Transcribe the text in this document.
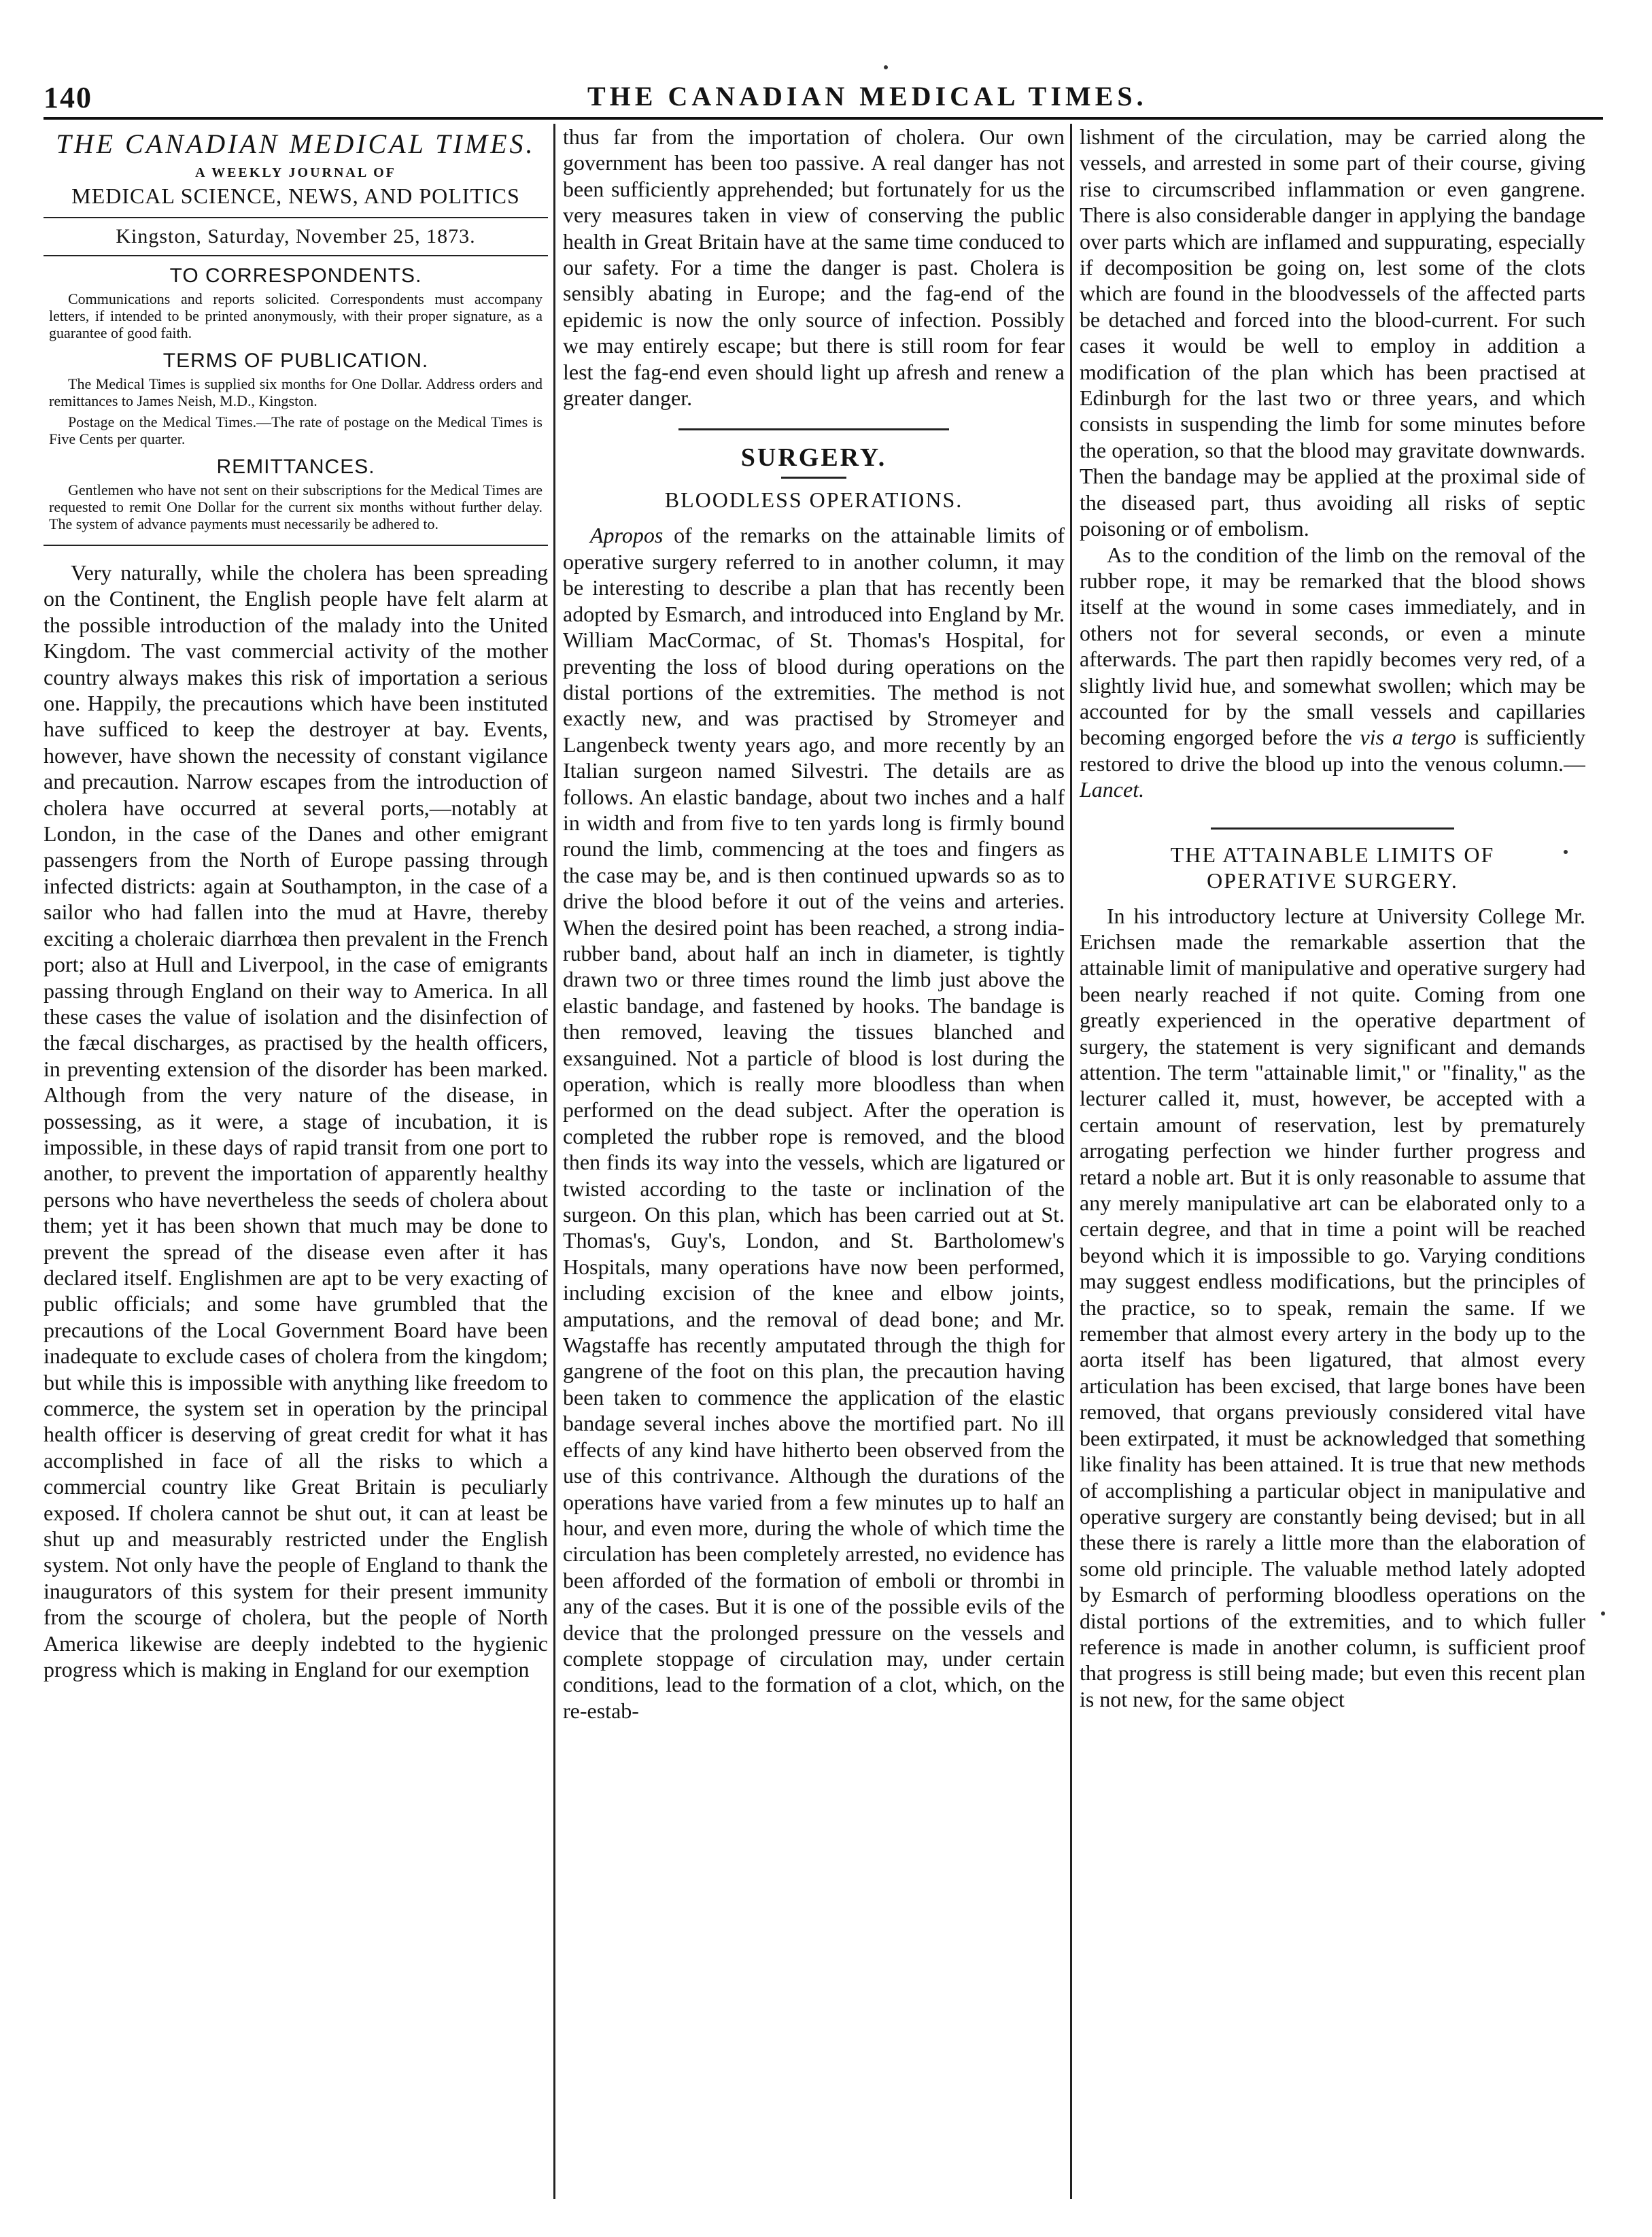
140	THE CANADIAN MEDICAL TIMES.
THE CANADIAN MEDICAL TIMES.
A WEEKLY JOURNAL OF
MEDICAL SCIENCE, NEWS, AND POLITICS
Kingston, Saturday, November 25, 1873.
TO CORRESPONDENTS.

Communications and reports solicited. Correspondents must accompany letters, if intended to be printed anonymously, with their proper signature, as a guarantee of good faith.

TERMS OF PUBLICATION.

The Medical Times is supplied six months for One Dollar. Address orders and remittances to James Neish, M.D., Kingston.

Postage on the Medical Times.—The rate of postage on the Medical Times is Five Cents per quarter.

REMITTANCES.

Gentlemen who have not sent on their subscriptions for the Medical Times are requested to remit One Dollar for the current six months without further delay. The system of advance payments must necessarily be adhered to.

Very naturally, while the cholera has been spreading on the Continent, the English people have felt alarm at the possible introduction of the malady into the United Kingdom. The vast commercial activity of the mother country always makes this risk of importation a serious one. Happily, the precautions which have been instituted have sufficed to keep the destroyer at bay. Events, however, have shown the necessity of constant vigilance and precaution. Narrow escapes from the introduction of cholera have occurred at several ports,—notably at London, in the case of the Danes and other emigrant passengers from the North of Europe passing through infected districts: again at Southampton, in the case of a sailor who had fallen into the mud at Havre, thereby exciting a choleraic diarrhœa then prevalent in the French port; also at Hull and Liverpool, in the case of emigrants passing through England on their way to America. In all these cases the value of isolation and the disinfection of the fæcal discharges, as practised by the health officers, in preventing extension of the disorder has been marked. Although from the very nature of the disease, in possessing, as it were, a stage of incubation, it is impossible, in these days of rapid transit from one port to another, to prevent the importation of apparently healthy persons who have nevertheless the seeds of cholera about them; yet it has been shown that much may be done to prevent the spread of the disease even after it has declared itself. Englishmen are apt to be very exacting of public officials; and some have grumbled that the precautions of the Local Government Board have been inadequate to exclude cases of cholera from the kingdom; but while this is impossible with anything like freedom to commerce, the system set in operation by the principal health officer is deserving of great credit for what it has accomplished in face of all the risks to which a commercial country like Great Britain is peculiarly exposed. If cholera cannot be shut out, it can at least be shut up and measurably restricted under the English system. Not only have the people of England to thank the inaugurators of this system for their present immunity from the scourge of cholera, but the people of North America likewise are deeply indebted to the hygienic progress which is making in England for our exemption

thus far from the importation of cholera. Our own government has been too passive. A real danger has not been sufficiently apprehended; but fortunately for us the very measures taken in view of conserving the public health in Great Britain have at the same time conduced to our safety. For a time the danger is past. Cholera is sensibly abating in Europe; and the fag-end of the epidemic is now the only source of infection. Possibly we may entirely escape; but there is still room for fear lest the fag-end even should light up afresh and renew a greater danger.

SURGERY.
BLOODLESS OPERATIONS.

Apropos of the remarks on the attainable limits of operative surgery referred to in another column, it may be interesting to describe a plan that has recently been adopted by Esmarch, and introduced into England by Mr. William MacCormac, of St. Thomas's Hospital, for preventing the loss of blood during operations on the distal portions of the extremities. The method is not exactly new, and was practised by Stromeyer and Langenbeck twenty years ago, and more recently by an Italian surgeon named Silvestri. The details are as follows. An elastic bandage, about two inches and a half in width and from five to ten yards long is firmly bound round the limb, commencing at the toes and fingers as the case may be, and is then continued upwards so as to drive the blood before it out of the veins and arteries. When the desired point has been reached, a strong india-rubber band, about half an inch in diameter, is tightly drawn two or three times round the limb just above the elastic bandage, and fastened by hooks. The bandage is then removed, leaving the tissues blanched and exsanguined. Not a particle of blood is lost during the operation, which is really more bloodless than when performed on the dead subject. After the operation is completed the rubber rope is removed, and the blood then finds its way into the vessels, which are ligatured or twisted according to the taste or inclination of the surgeon. On this plan, which has been carried out at St. Thomas's, Guy's, London, and St. Bartholomew's Hospitals, many operations have now been performed, including excision of the knee and elbow joints, amputations, and the removal of dead bone; and Mr. Wagstaffe has recently amputated through the thigh for gangrene of the foot on this plan, the precaution having been taken to commence the application of the elastic bandage several inches above the mortified part. No ill effects of any kind have hitherto been observed from the use of this contrivance. Although the durations of the operations have varied from a few minutes up to half an hour, and even more, during the whole of which time the circulation has been completely arrested, no evidence has been afforded of the formation of emboli or thrombi in any of the cases. But it is one of the possible evils of the device that the prolonged pressure on the vessels and complete stoppage of circulation may, under certain conditions, lead to the formation of a clot, which, on the re-estab-

lishment of the circulation, may be carried along the vessels, and arrested in some part of their course, giving rise to circumscribed inflammation or even gangrene. There is also considerable danger in applying the bandage over parts which are inflamed and suppurating, especially if decomposition be going on, lest some of the clots which are found in the bloodvessels of the affected parts be detached and forced into the blood-current. For such cases it would be well to employ in addition a modification of the plan which has been practised at Edinburgh for the last two or three years, and which consists in suspending the limb for some minutes before the operation, so that the blood may gravitate downwards. Then the bandage may be applied at the proximal side of the diseased part, thus avoiding all risks of septic poisoning or of embolism.

As to the condition of the limb on the removal of the rubber rope, it may be remarked that the blood shows itself at the wound in some cases immediately, and in others not for several seconds, or even a minute afterwards. The part then rapidly becomes very red, of a slightly livid hue, and somewhat swollen; which may be accounted for by the small vessels and capillaries becoming engorged before the vis a tergo is sufficiently restored to drive the blood up into the venous column.—Lancet.

THE ATTAINABLE LIMITS OF OPERATIVE SURGERY.

In his introductory lecture at University College Mr. Erichsen made the remarkable assertion that the attainable limit of manipulative and operative surgery had been nearly reached if not quite. Coming from one greatly experienced in the operative department of surgery, the statement is very significant and demands attention. The term "attainable limit," or "finality," as the lecturer called it, must, however, be accepted with a certain amount of reservation, lest by prematurely arrogating perfection we hinder further progress and retard a noble art. But it is only reasonable to assume that any merely manipulative art can be elaborated only to a certain degree, and that in time a point will be reached beyond which it is impossible to go. Varying conditions may suggest endless modifications, but the principles of the practice, so to speak, remain the same. If we remember that almost every artery in the body up to the aorta itself has been ligatured, that almost every articulation has been excised, that large bones have been removed, that organs previously considered vital have been extirpated, it must be acknowledged that something like finality has been attained. It is true that new methods of accomplishing a particular object in manipulative and operative surgery are constantly being devised; but in all these there is rarely a little more than the elaboration of some old principle. The valuable method lately adopted by Esmarch of performing bloodless operations on the distal portions of the extremities, and to which fuller reference is made in another column, is sufficient proof that progress is still being made; but even this recent plan is not new, for the same object
